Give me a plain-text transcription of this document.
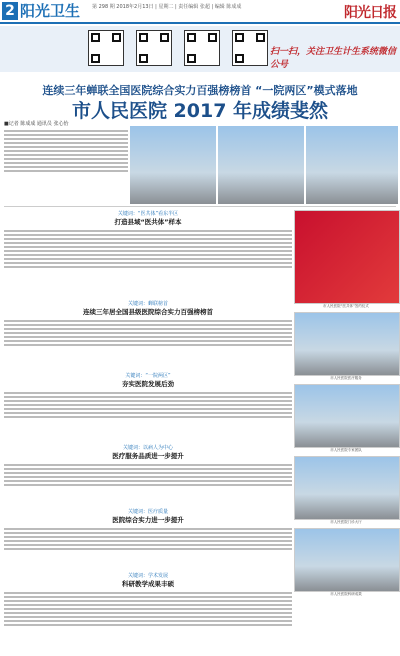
2 阳光卫生 第 298 期 2018年2月13日 | 星期二 | 责任编辑 张超 | 编辑 陈成成	阳光日报
扫一扫，关注卫生计生系统微信公号
连续三年蝉联全国医院综合实力百强榜榜首 “一院两区”模式落地
市人民医院 2017 年成绩斐然
■记者 陈成成 通讯员 张心怡
关键词：“医共体”看东半区
打造县域“医共体”样本
关键词：蝉联榜首
连续三年居全国县级医院综合实力百强榜榜首
关键词：“一院两区”
夯实医院发展后劲
关键词：以病人为中心
医疗服务品质进一步提升
关键词：医疗质量
医院综合实力进一步提升
关键词：学术发展
科研教学成果丰硕
市人民医院“医共体”签约仪式
市人民医院医疗服务
市人民医院专家团队
市人民医院门诊大厅
市人民医院科研成果
